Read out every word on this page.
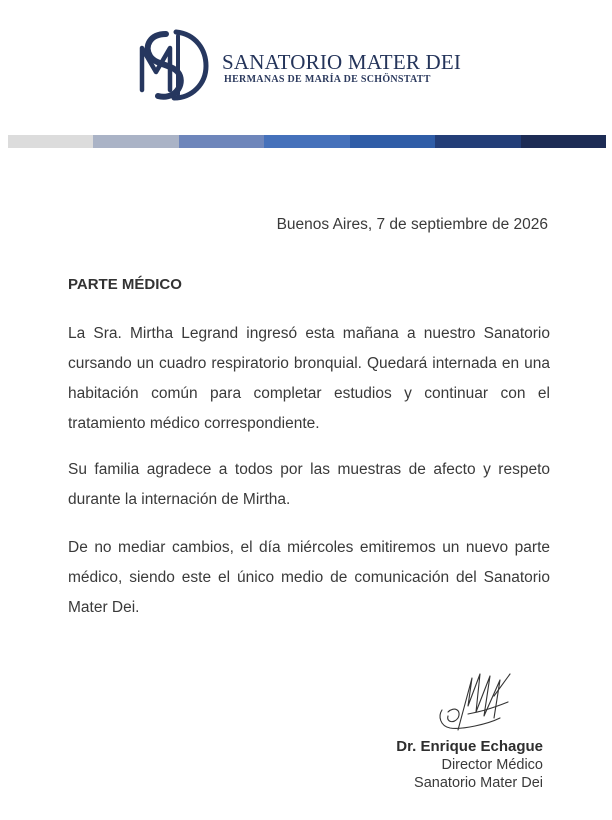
SANATORIO MATER DEI
HERMANAS DE MARÍA DE SCHÖNSTATT
Buenos Aires, 7 de septiembre de 2026
PARTE MÉDICO

La Sra. Mirtha Legrand ingresó esta mañana a nuestro Sanatorio cursando un cuadro respiratorio bronquial. Quedará internada en una habitación común para completar estudios y continuar con el tratamiento médico correspondiente.

Su familia agradece a todos por las muestras de afecto y respeto durante la internación de Mirtha.

De no mediar cambios, el día miércoles emitiremos un nuevo parte médico, siendo este el único medio de comunicación del Sanatorio Mater Dei.

Dr. Enrique Echague
Director Médico
Sanatorio Mater Dei
